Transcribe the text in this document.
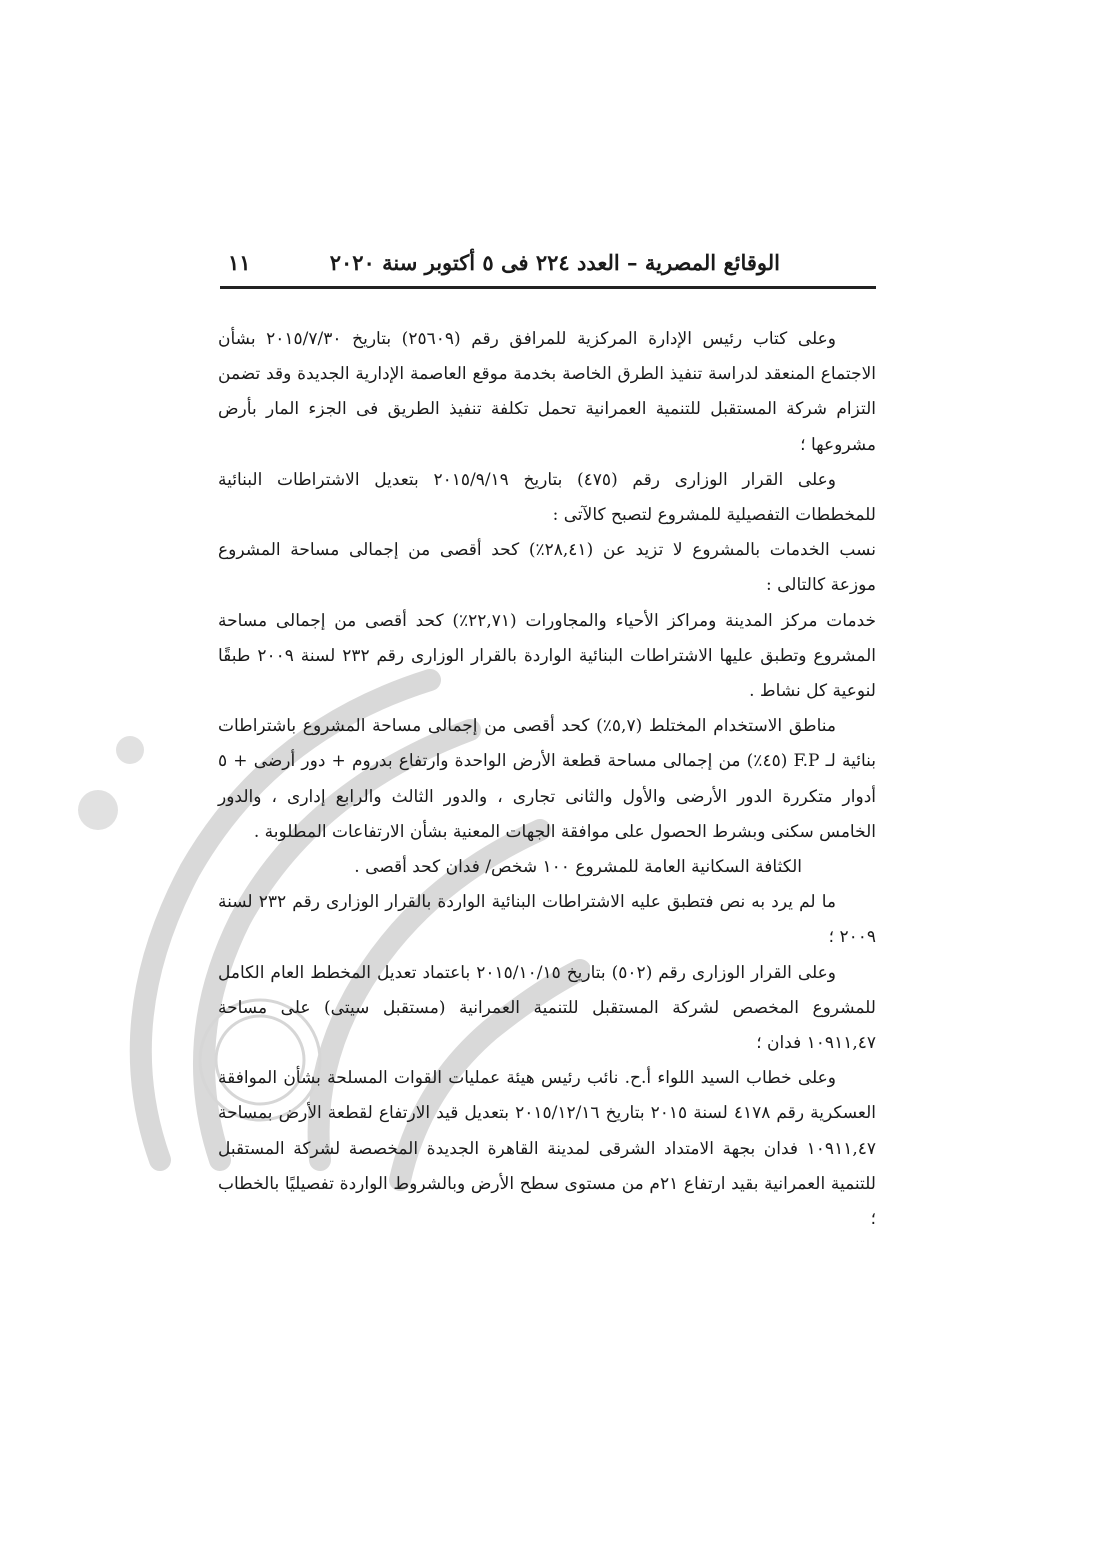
الوقائع المصرية – العدد ٢٢٤ فى ٥ أكتوبر سنة ٢٠٢٠
١١

وعلى كتاب رئيس الإدارة المركزية للمرافق رقم (٢٥٦٠٩) بتاريخ ٢٠١٥/٧/٣٠ بشأن الاجتماع المنعقد لدراسة تنفيذ الطرق الخاصة بخدمة موقع العاصمة الإدارية الجديدة وقد تضمن التزام شركة المستقبل للتنمية العمرانية تحمل تكلفة تنفيذ الطريق فى الجزء المار بأرض مشروعها ؛

وعلى القرار الوزارى رقم (٤٧٥) بتاريخ ٢٠١٥/٩/١٩ بتعديل الاشتراطات البنائية للمخططات التفصيلية للمشروع لتصبح كالآتى :

نسب الخدمات بالمشروع لا تزيد عن (٢٨,٤١٪) كحد أقصى من إجمالى مساحة المشروع موزعة كالتالى :

خدمات مركز المدينة ومراكز الأحياء والمجاورات (٢٢,٧١٪) كحد أقصى من إجمالى مساحة المشروع وتطبق عليها الاشتراطات البنائية الواردة بالقرار الوزارى رقم ٢٣٢ لسنة ٢٠٠٩ طبقًا لنوعية كل نشاط .

مناطق الاستخدام المختلط (٥,٧٪) كحد أقصى من إجمالى مساحة المشروع باشتراطات بنائية لـ F.P (٤٥٪) من إجمالى مساحة قطعة الأرض الواحدة وارتفاع بدروم + دور أرضى + ٥ أدوار متكررة الدور الأرضى والأول والثانى تجارى ، والدور الثالث والرابع إدارى ، والدور الخامس سكنى وبشرط الحصول على موافقة الجهات المعنية بشأن الارتفاعات المطلوبة .

الكثافة السكانية العامة للمشروع ١٠٠ شخص/ فدان كحد أقصى .

ما لم يرد به نص فتطبق عليه الاشتراطات البنائية الواردة بالقرار الوزارى رقم ٢٣٢ لسنة ٢٠٠٩ ؛

وعلى القرار الوزارى رقم (٥٠٢) بتاريخ ٢٠١٥/١٠/١٥ باعتماد تعديل المخطط العام الكامل للمشروع المخصص لشركة المستقبل للتنمية العمرانية (مستقبل سيتى) على مساحة ١٠٩١١,٤٧ فدان ؛

وعلى خطاب السيد اللواء أ.ح. نائب رئيس هيئة عمليات القوات المسلحة بشأن الموافقة العسكرية رقم ٤١٧٨ لسنة ٢٠١٥ بتاريخ ٢٠١٥/١٢/١٦ بتعديل قيد الارتفاع لقطعة الأرض بمساحة ١٠٩١١,٤٧ فدان بجهة الامتداد الشرقى لمدينة القاهرة الجديدة المخصصة لشركة المستقبل للتنمية العمرانية بقيد ارتفاع ٢١م من مستوى سطح الأرض وبالشروط الواردة تفصيليًا بالخطاب ؛
